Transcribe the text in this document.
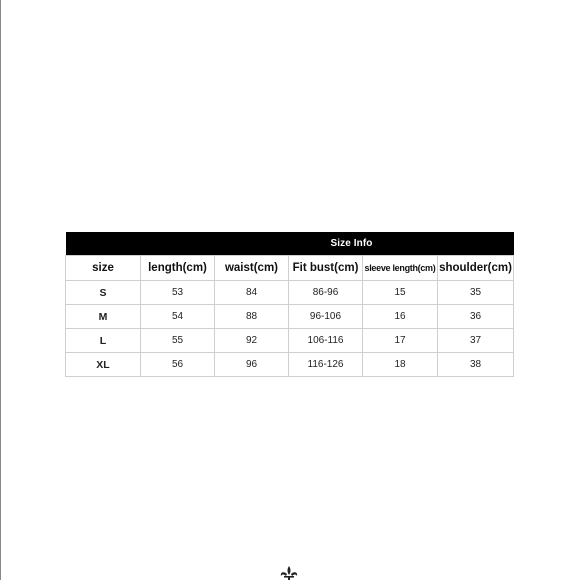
Size Info					
size	length(cm)	waist(cm)	Fit bust(cm)	sleeve length(cm)	shoulder(cm)
S	53	84	86-96	15	35
M	54	88	96-106	16	36
L	55	92	106-116	17	37
XL	56	96	116-126	18	38
